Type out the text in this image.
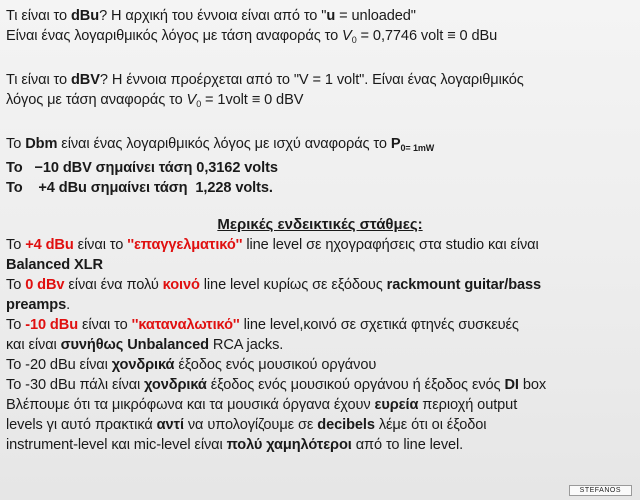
Τι είναι το dBu? Η αρχική του έννοια είναι από το "u = unloaded"
Είναι ένας λογαριθμικός λόγος με τάση αναφοράς το $V_0 = 0,7746$ volt ≡ 0 dBu
Τι είναι το dBV? Η έννοια προέρχεται από το "V = 1 volt". Είναι ένας λογαριθμικός
λόγος με τάση αναφοράς το $V_0$ = 1volt ≡ 0 dBV
Το Dbm είναι ένας λογαριθμικός λόγος με ισχύ αναφοράς το $P_{0= 1mW}$
Το   −10 dBV σημαίνει τάση 0,3162 volts
Το    +4 dBu σημαίνει τάση  1,228 volts.
Μερικές ενδεικτικές στάθμες:
Το +4 dBu είναι το ''επαγγελματικό'' line level σε ηχογραφήσεις στα studio και είναι
Balanced XLR
Το 0 dBv είναι ένα πολύ κοινό line level κυρίως σε εξόδους rackmount guitar/bass
preamps.
Το -10 dBu είναι το ''καταναλωτικό'' line level,κοινό σε σχετικά φτηνές συσκευές
και είναι συνήθως Unbalanced RCA jacks.
Το -20 dBu είναι χονδρικά έξοδος ενός μουσικού οργάνου
Το -30 dBu πάλι είναι χονδρικά έξοδος ενός μουσικού οργάνου ή έξοδος ενός DI box
Βλέπουμε ότι τα μικρόφωνα και τα μουσικά όργανα έχουν ευρεία περιοχή output
levels γι αυτό πρακτικά αντί να υπολογίζουμε σε decibels λέμε ότι οι έξοδοι
instrument-level και mic-level είναι πολύ χαμηλότεροι από το line level.
STEFANOS
